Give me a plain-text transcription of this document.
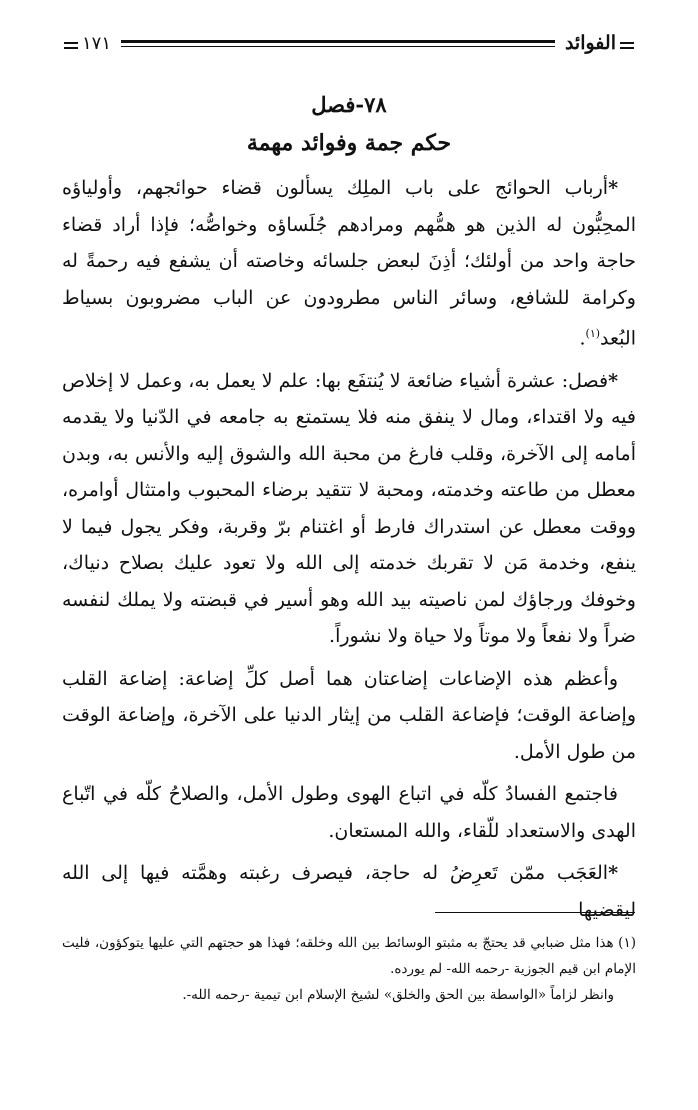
الفوائد
١٧١
٧٨-فصل
حكم جمة وفوائد مهمة

*أرباب الحوائج على باب الملِك يسألون قضاء حوائجهم، وأولياؤه المحِبُّون له الذين هو همُّهم ومرادهم جُلَساؤه وخواصُّه؛ فإذا أراد قضاء حاجة واحد من أولئك؛ أذِنَ لبعض جلسائه وخاصته أن يشفع فيه رحمةً له وكرامة للشافع، وسائر الناس مطرودون عن الباب مضروبون بسياط البُعد$^{(١)}$.

*فصل: عشرة أشياء ضائعة لا يُنتفَع بها: علم لا يعمل به، وعمل لا إخلاص فيه ولا اقتداء، ومال لا ينفق منه فلا يستمتع به جامعه في الدّنيا ولا يقدمه أمامه إلى الآخرة، وقلب فارغ من محبة الله والشوق إليه والأنس به، وبدن معطل من طاعته وخدمته، ومحبة لا تتقيد برضاء المحبوب وامتثال أوامره، ووقت معطل عن استدراك فارط أو اغتنام برّ وقربة، وفكر يجول فيما لا ينفع، وخدمة مَن لا تقربك خدمته إلى الله ولا تعود عليك بصلاح دنياك، وخوفك ورجاؤك لمن ناصيته بيد الله وهو أسير في قبضته ولا يملك لنفسه ضراً ولا نفعاً ولا موتاً ولا حياة ولا نشوراً.

وأعظم هذه الإضاعات إضاعتان هما أصل كلِّ إضاعة: إضاعة القلب وإضاعة الوقت؛ فإضاعة القلب من إيثار الدنيا على الآخرة، وإضاعة الوقت من طول الأمل.

فاجتمع الفسادُ كلّه في اتباع الهوى وطول الأمل، والصلاحُ كلّه في اتّباع الهدى والاستعداد للّقاء، والله المستعان.

*العَجَب ممّن تَعرِضُ له حاجة، فيصرف رغبته وهمَّته فيها إلى الله ليقضيها

(١) هذا مثل ضبابي قد يحتجّ به مثبتو الوسائط بين الله وخلقه؛ فهذا هو حجتهم التي عليها يتوكؤون، فليت الإمام ابن قيم الجوزية -رحمه الله- لم يورده.

وانظر لزاماً «الواسطة بين الحق والخلق» لشيخ الإسلام ابن تيمية -رحمه الله-.
